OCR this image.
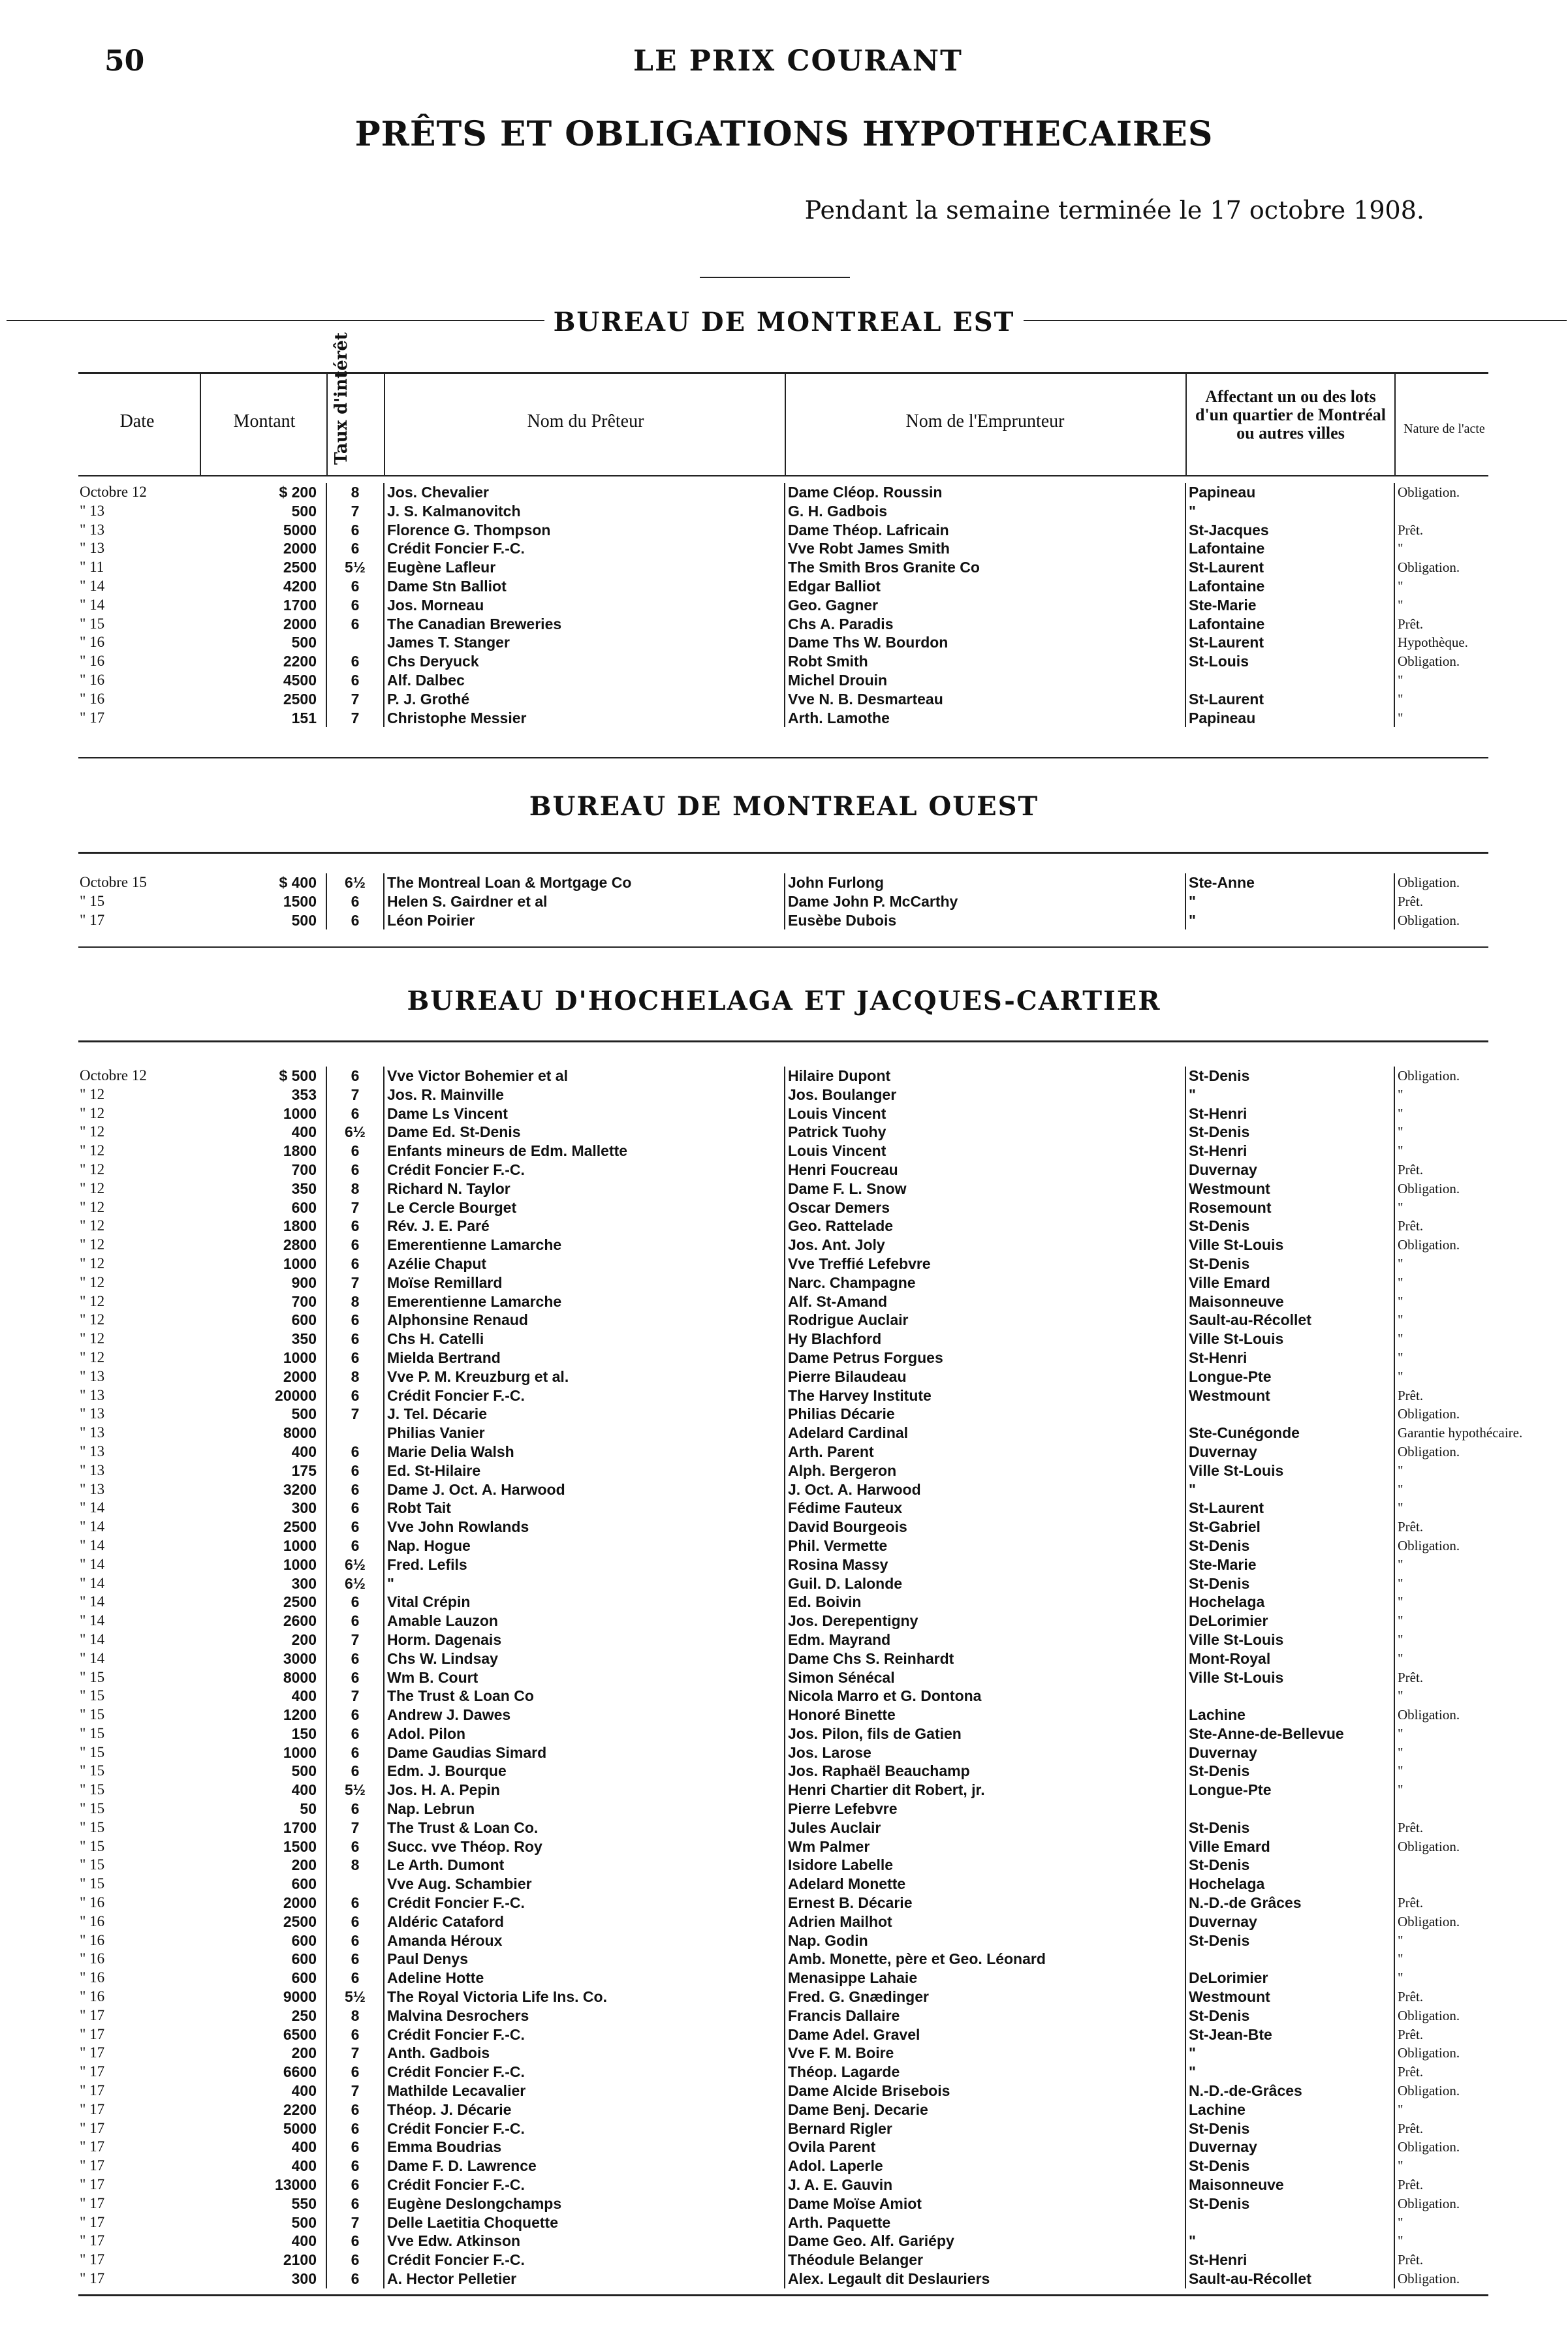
50	LE PRIX COURANT
PRÊTS ET OBLIGATIONS HYPOTHECAIRES
Pendant la semaine terminée le 17 octobre 1908.
BUREAU DE MONTREAL EST
Date	Montant	Taux d'intérêt	Nom du Prêteur	Nom de l'Emprunteur
Affectant un ou des lots d'un quartier de Montréal ou autres villes	Nature de l'acte
Octobre 12	$ 200	8	Jos. Chevalier	Dame Cléop. Roussin	Papineau	Obligation.
" 13	500	7	J. S. Kalmanovitch	G. H. Gadbois	"	
" 13	5000	6	Florence G. Thompson	Dame Théop. Lafricain	St-Jacques	Prêt.
" 13	2000	6	Crédit Foncier F.-C.	Vve Robt James Smith	Lafontaine	"
" 11	2500	5½	Eugène Lafleur	The Smith Bros Granite Co	St-Laurent	Obligation.
" 14	4200	6	Dame Stn Balliot	Edgar Balliot	Lafontaine	"
" 14	1700	6	Jos. Morneau	Geo. Gagner	Ste-Marie	"
" 15	2000	6	The Canadian Breweries	Chs A. Paradis	Lafontaine	Prêt.
" 16	500		James T. Stanger	Dame Ths W. Bourdon	St-Laurent	Hypothèque.
" 16	2200	6	Chs Deryuck	Robt Smith	St-Louis	Obligation.
" 16	4500	6	Alf. Dalbec	Michel Drouin		"
" 16	2500	7	P. J. Grothé	Vve N. B. Desmarteau	St-Laurent	"
" 17	151	7	Christophe Messier	Arth. Lamothe	Papineau	"
BUREAU DE MONTREAL OUEST
Octobre 15	$ 400	6½	The Montreal Loan & Mortgage Co	John Furlong	Ste-Anne	Obligation.
" 15	1500	6	Helen S. Gairdner et al	Dame John P. McCarthy	"	Prêt.
" 17	500	6	Léon Poirier	Eusèbe Dubois	"	Obligation.
BUREAU D'HOCHELAGA ET JACQUES-CARTIER
Octobre 12	$ 500	6	Vve Victor Bohemier et al	Hilaire Dupont	St-Denis	Obligation.
" 12	353	7	Jos. R. Mainville	Jos. Boulanger	"	"
" 12	1000	6	Dame Ls Vincent	Louis Vincent	St-Henri	"
" 12	400	6½	Dame Ed. St-Denis	Patrick Tuohy	St-Denis	"
" 12	1800	6	Enfants mineurs de Edm. Mallette	Louis Vincent	St-Henri	"
" 12	700	6	Crédit Foncier F.-C.	Henri Foucreau	Duvernay	Prêt.
" 12	350	8	Richard N. Taylor	Dame F. L. Snow	Westmount	Obligation.
" 12	600	7	Le Cercle Bourget	Oscar Demers	Rosemount	"
" 12	1800	6	Rév. J. E. Paré	Geo. Rattelade	St-Denis	Prêt.
" 12	2800	6	Emerentienne Lamarche	Jos. Ant. Joly	Ville St-Louis	Obligation.
" 12	1000	6	Azélie Chaput	Vve Treffié Lefebvre	St-Denis	"
" 12	900	7	Moïse Remillard	Narc. Champagne	Ville Emard	"
" 12	700	8	Emerentienne Lamarche	Alf. St-Amand	Maisonneuve	"
" 12	600	6	Alphonsine Renaud	Rodrigue Auclair	Sault-au-Récollet	"
" 12	350	6	Chs H. Catelli	Hy Blachford	Ville St-Louis	"
" 12	1000	6	Mielda Bertrand	Dame Petrus Forgues	St-Henri	"
" 13	2000	8	Vve P. M. Kreuzburg et al.	Pierre Bilaudeau	Longue-Pte	"
" 13	20000	6	Crédit Foncier F.-C.	The Harvey Institute	Westmount	Prêt.
" 13	500	7	J. Tel. Décarie	Philias Décarie		Obligation.
" 13	8000		Philias Vanier	Adelard Cardinal	Ste-Cunégonde	Garantie hypothécaire.
" 13	400	6	Marie Delia Walsh	Arth. Parent	Duvernay	Obligation.
" 13	175	6	Ed. St-Hilaire	Alph. Bergeron	Ville St-Louis	"
" 13	3200	6	Dame J. Oct. A. Harwood	J. Oct. A. Harwood	"	"
" 14	300	6	Robt Tait	Fédime Fauteux	St-Laurent	"
" 14	2500	6	Vve John Rowlands	David Bourgeois	St-Gabriel	Prêt.
" 14	1000	6	Nap. Hogue	Phil. Vermette	St-Denis	Obligation.
" 14	1000	6½	Fred. Lefils	Rosina Massy	Ste-Marie	"
" 14	300	6½	"	Guil. D. Lalonde	St-Denis	"
" 14	2500	6	Vital Crépin	Ed. Boivin	Hochelaga	"
" 14	2600	6	Amable Lauzon	Jos. Derepentigny	DeLorimier	"
" 14	200	7	Horm. Dagenais	Edm. Mayrand	Ville St-Louis	"
" 14	3000	6	Chs W. Lindsay	Dame Chs S. Reinhardt	Mont-Royal	"
" 15	8000	6	Wm B. Court	Simon Sénécal	Ville St-Louis	Prêt.
" 15	400	7	The Trust & Loan Co	Nicola Marro et G. Dontona		"
" 15	1200	6	Andrew J. Dawes	Honoré Binette	Lachine	Obligation.
" 15	150	6	Adol. Pilon	Jos. Pilon, fils de Gatien	Ste-Anne-de-Bellevue	"
" 15	1000	6	Dame Gaudias Simard	Jos. Larose	Duvernay	"
" 15	500	6	Edm. J. Bourque	Jos. Raphaël Beauchamp	St-Denis	"
" 15	400	5½	Jos. H. A. Pepin	Henri Chartier dit Robert, jr.	Longue-Pte	"
" 15	50	6	Nap. Lebrun	Pierre Lefebvre		
" 15	1700	7	The Trust & Loan Co.	Jules Auclair	St-Denis	Prêt.
" 15	1500	6	Succ. vve Théop. Roy	Wm Palmer	Ville Emard	Obligation.
" 15	200	8	Le Arth. Dumont	Isidore Labelle	St-Denis	
" 15	600		Vve Aug. Schambier	Adelard Monette	Hochelaga	
" 16	2000	6	Crédit Foncier F.-C.	Ernest B. Décarie	N.-D.-de Grâces	Prêt.
" 16	2500	6	Aldéric Cataford	Adrien Mailhot	Duvernay	Obligation.
" 16	600	6	Amanda Héroux	Nap. Godin	St-Denis	"
" 16	600	6	Paul Denys	Amb. Monette, père et Geo. Léonard		"
" 16	600	6	Adeline Hotte	Menasippe Lahaie	DeLorimier	"
" 16	9000	5½	The Royal Victoria Life Ins. Co.	Fred. G. Gnædinger	Westmount	Prêt.
" 17	250	8	Malvina Desrochers	Francis Dallaire	St-Denis	Obligation.
" 17	6500	6	Crédit Foncier F.-C.	Dame Adel. Gravel	St-Jean-Bte	Prêt.
" 17	200	7	Anth. Gadbois	Vve F. M. Boire	"	Obligation.
" 17	6600	6	Crédit Foncier F.-C.	Théop. Lagarde	"	Prêt.
" 17	400	7	Mathilde Lecavalier	Dame Alcide Brisebois	N.-D.-de-Grâces	Obligation.
" 17	2200	6	Théop. J. Décarie	Dame Benj. Decarie	Lachine	"
" 17	5000	6	Crédit Foncier F.-C.	Bernard Rigler	St-Denis	Prêt.
" 17	400	6	Emma Boudrias	Ovila Parent	Duvernay	Obligation.
" 17	400	6	Dame F. D. Lawrence	Adol. Laperle	St-Denis	"
" 17	13000	6	Crédit Foncier F.-C.	J. A. E. Gauvin	Maisonneuve	Prêt.
" 17	550	6	Eugène Deslongchamps	Dame Moïse Amiot	St-Denis	Obligation.
" 17	500	7	Delle Laetitia Choquette	Arth. Paquette		"
" 17	400	6	Vve Edw. Atkinson	Dame Geo. Alf. Gariépy	"	"
" 17	2100	6	Crédit Foncier F.-C.	Théodule Belanger	St-Henri	Prêt.
" 17	300	6	A. Hector Pelletier	Alex. Legault dit Deslauriers	Sault-au-Récollet	Obligation.
